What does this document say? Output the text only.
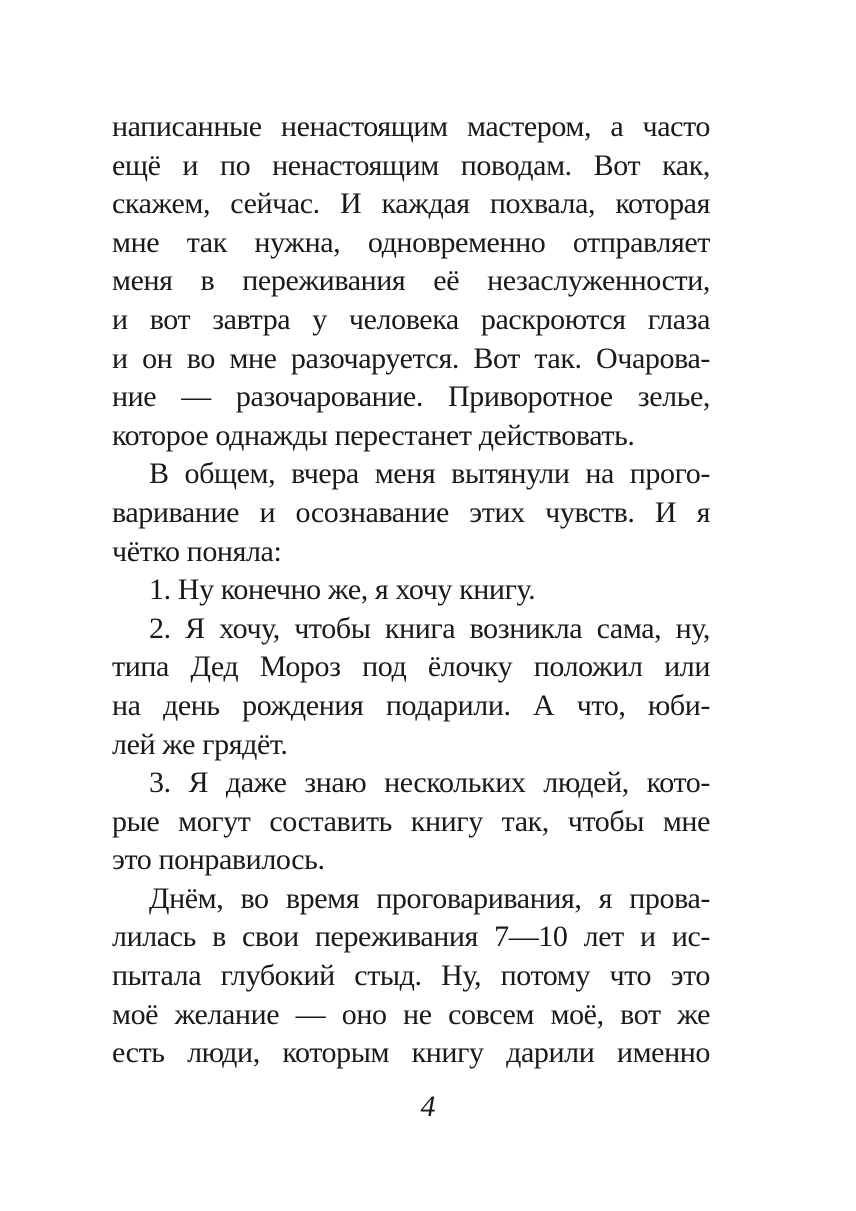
написанные ненастоящим мастером, а часто
ещё и по ненастоящим поводам. Вот как,
скажем, сейчас. И каждая похвала, которая
мне так нужна, одновременно отправляет
меня в переживания её незаслуженности,
и вот завтра у человека раскроются глаза
и он во мне разочаруется. Вот так. Очарова-
ние — разочарование. Приворотное зелье,
которое однажды перестанет действовать.
В общем, вчера меня вытянули на прого-
варивание и осознавание этих чувств. И я
чётко поняла:
1. Ну конечно же, я хочу книгу.
2. Я хочу, чтобы книга возникла сама, ну,
типа Дед Мороз под ёлочку положил или
на день рождения подарили. А что, юби-
лей же грядёт.
3. Я даже знаю нескольких людей, кото-
рые могут составить книгу так, чтобы мне
это понравилось.
Днём, во время проговаривания, я прова-
лилась в свои переживания 7—10 лет и ис-
пытала глубокий стыд. Ну, потому что это
моё желание — оно не совсем моё, вот же
есть люди, которым книгу дарили именно
4
